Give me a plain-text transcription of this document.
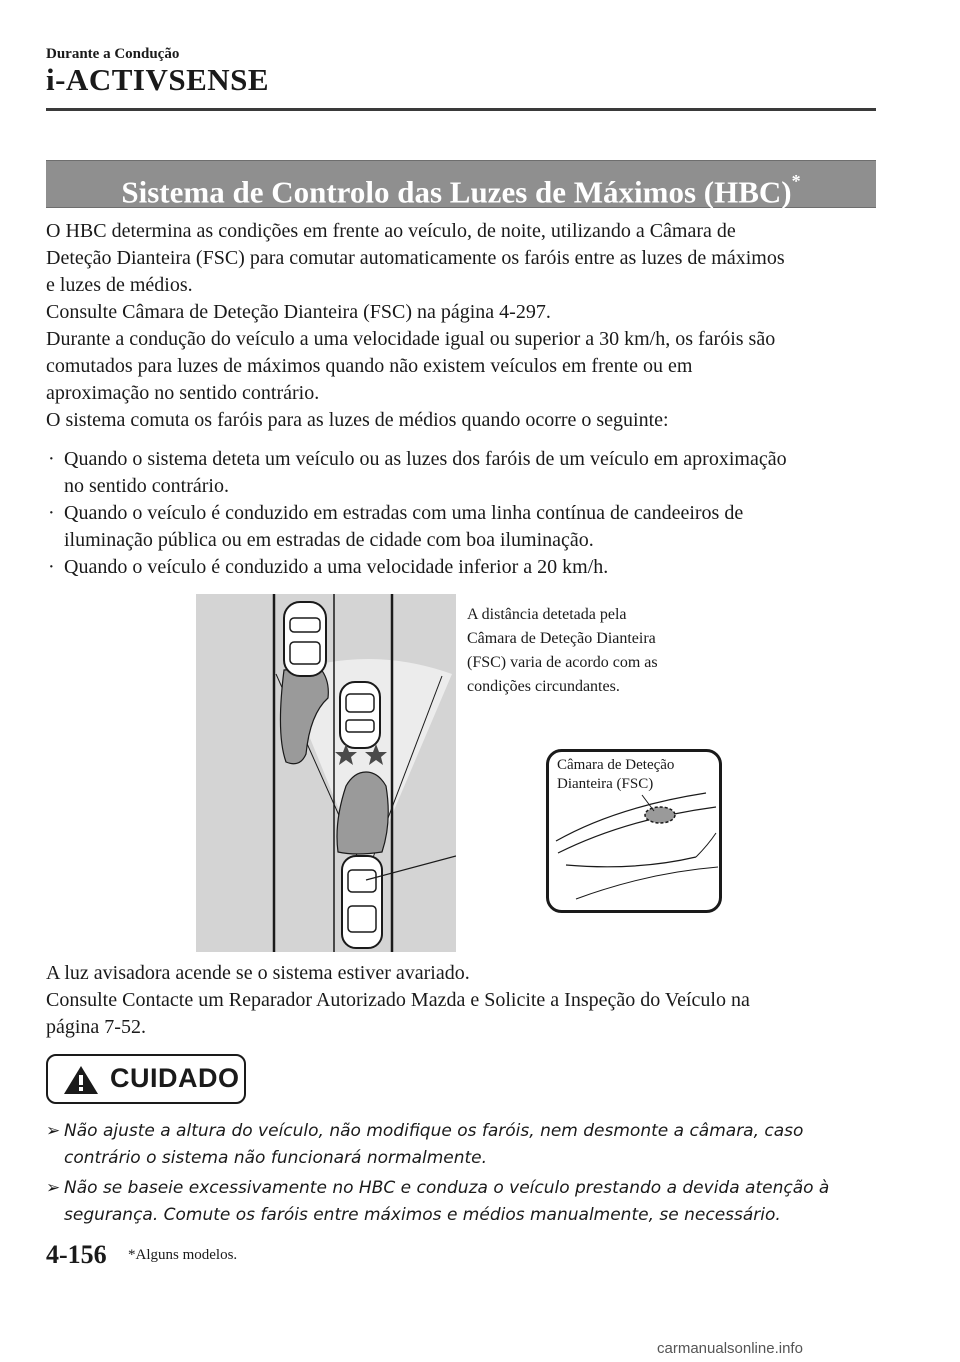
Durante a Condução
i-ACTIVSENSE
Sistema de Controlo das Luzes de Máximos (HBC)*

O HBC determina as condições em frente ao veículo, de noite, utilizando a Câmara de

Deteção Dianteira (FSC) para comutar automaticamente os faróis entre as luzes de máximos

e luzes de médios.

Consulte Câmara de Deteção Dianteira (FSC) na página 4-297.

Durante a condução do veículo a uma velocidade igual ou superior a 30 km/h, os faróis são

comutados para luzes de máximos quando não existem veículos em frente ou em

aproximação no sentido contrário.

O sistema comuta os faróis para as luzes de médios quando ocorre o seguinte:

· Quando o sistema deteta um veículo ou as luzes dos faróis de um veículo em aproximação
no sentido contrário.
· Quando o veículo é conduzido em estradas com uma linha contínua de candeeiros de
iluminação pública ou em estradas de cidade com boa iluminação.
· Quando o veículo é conduzido a uma velocidade inferior a 20 km/h.
A distância detetada pela
Câmara de Deteção Dianteira
(FSC) varia de acordo com as
condições circundantes.
Câmara de Deteção
Dianteira (FSC)

A luz avisadora acende se o sistema estiver avariado.

Consulte Contacte um Reparador Autorizado Mazda e Solicite a Inspeção do Veículo na

página 7-52.

CUIDADO
➢ Não ajuste a altura do veículo, não modifique os faróis, nem desmonte a câmara, caso
contrário o sistema não funcionará normalmente.
➢ Não se baseie excessivamente no HBC e conduza o veículo prestando a devida atenção à
segurança. Comute os faróis entre máximos e médios manualmente, se necessário.
4-156 *Alguns modelos.
carmanualsonline.info
